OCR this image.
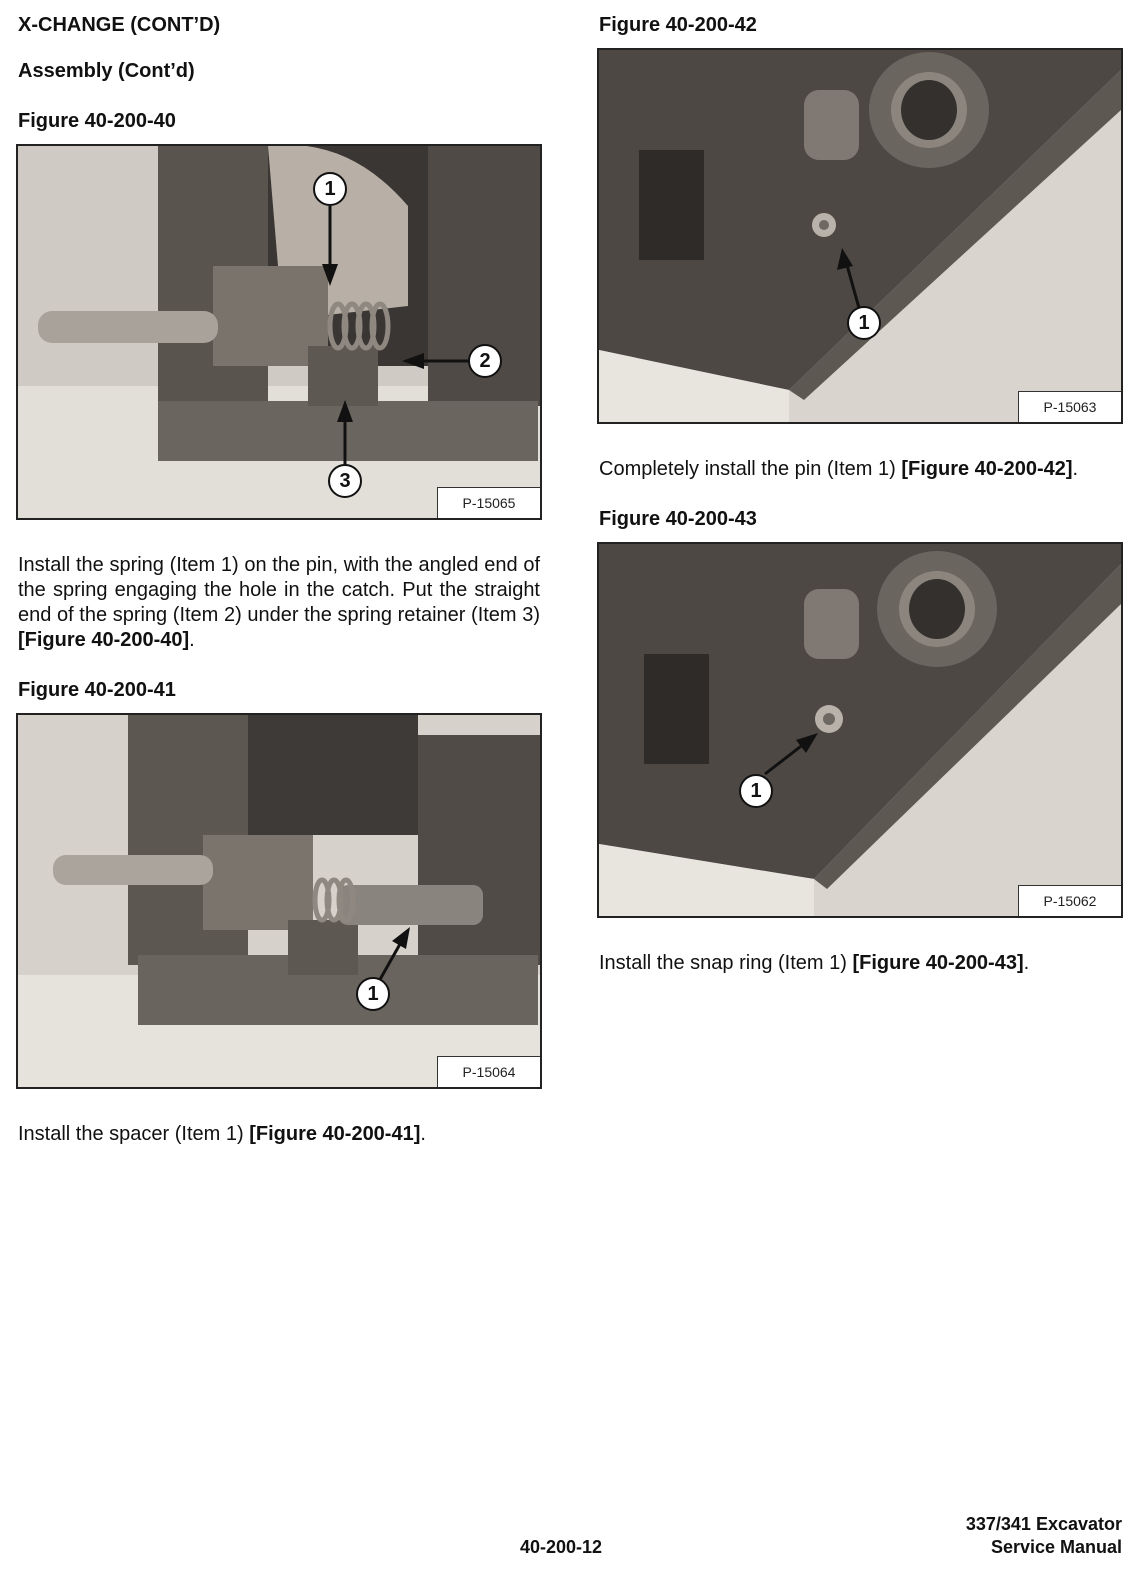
X-CHANGE (CONT’D)
Assembly (Cont’d)
Figure 40-200-40
1
2
3
P-15065
Install the spring (Item 1) on the pin, with the angled end of the spring engaging the hole in the catch. Put the straight end of the spring (Item 2) under the spring retainer (Item 3) [Figure 40-200-40].
Figure 40-200-41
1
P-15064
Install the spacer (Item 1) [Figure 40-200-41].
Figure 40-200-42
1
P-15063
Completely install the pin (Item 1) [Figure 40-200-42].
Figure 40-200-43
1
P-15062
Install the snap ring (Item 1) [Figure 40-200-43].
40-200-12
337/341 Excavator
Service Manual
